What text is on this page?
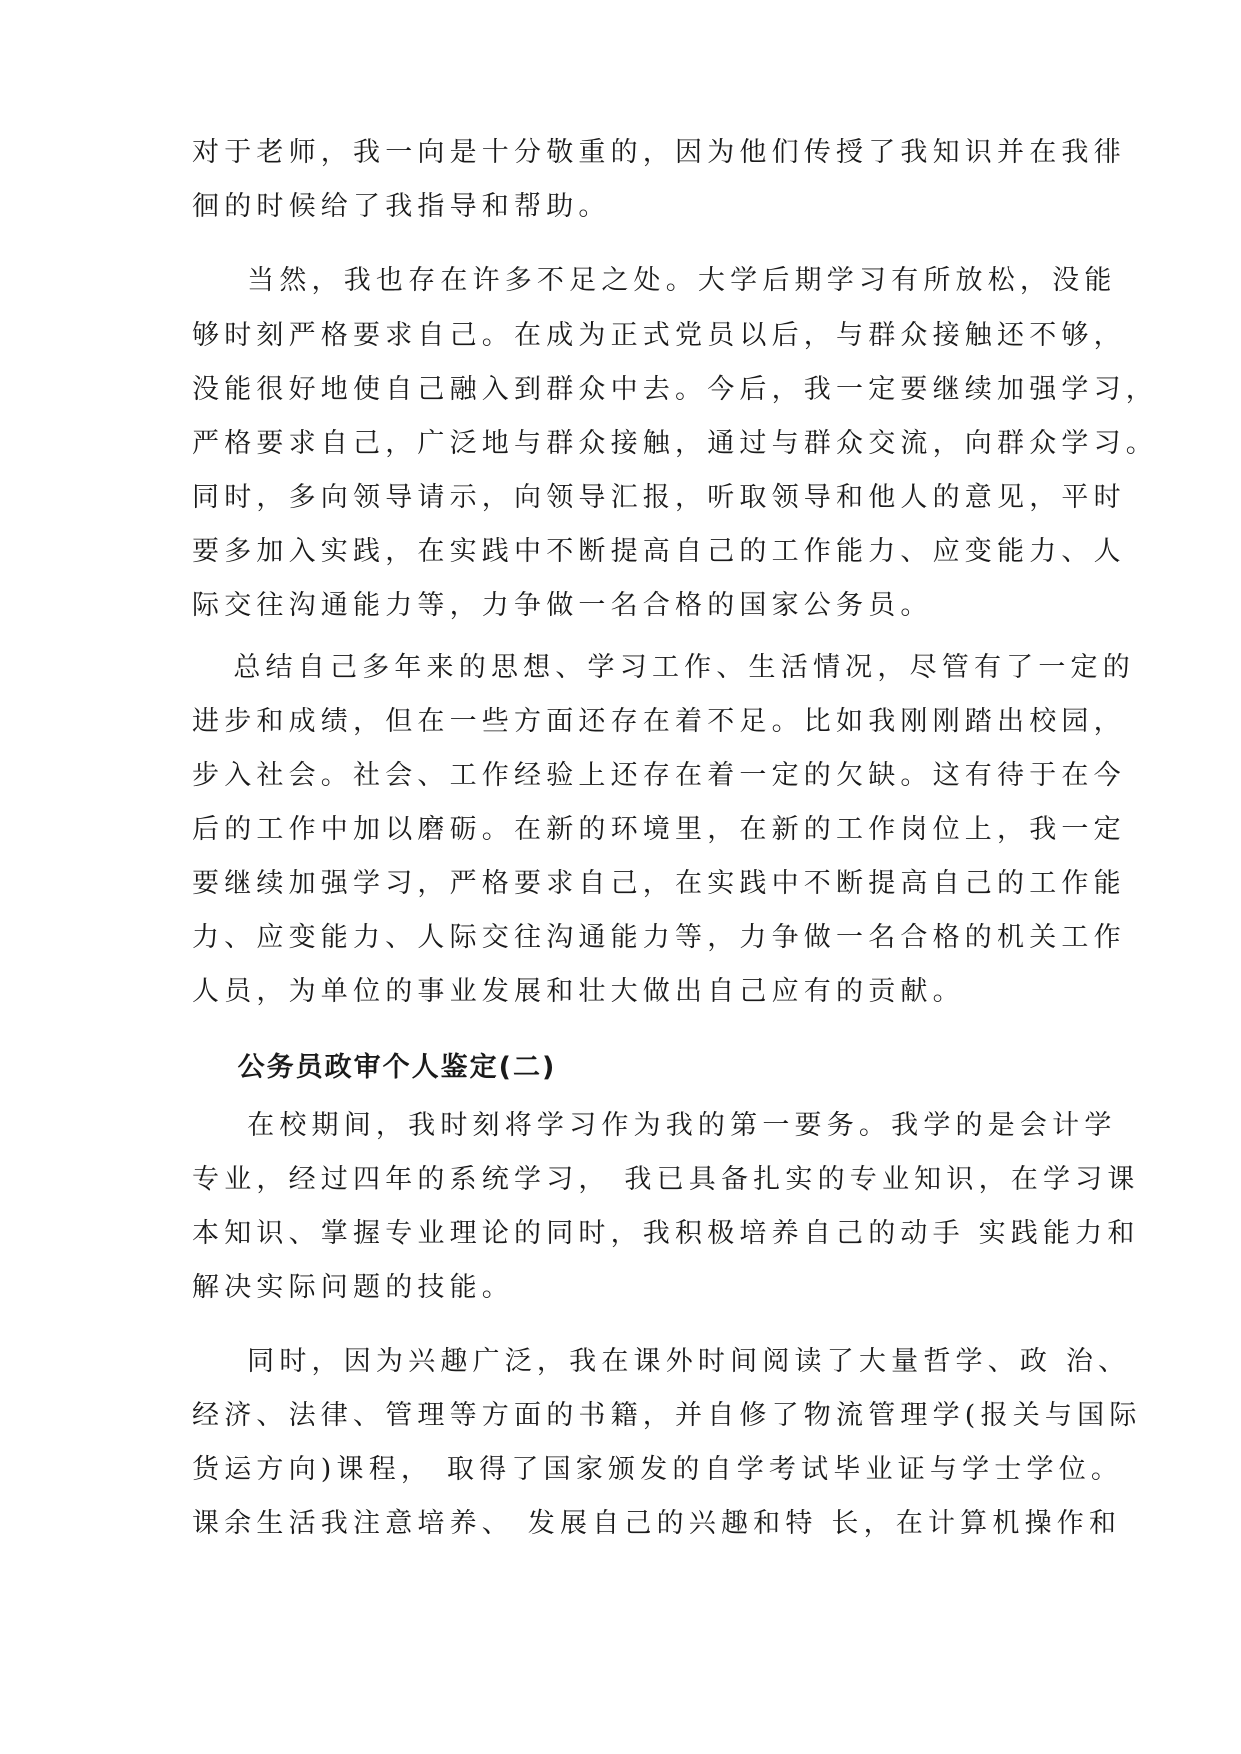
对于老师，我一向是十分敬重的，因为他们传授了我知识并在我徘
徊的时候给了我指导和帮助。
当然，我也存在许多不足之处。大学后期学习有所放松，没能
够时刻严格要求自己。在成为正式党员以后，与群众接触还不够，
没能很好地使自己融入到群众中去。今后，我一定要继续加强学习，
严格要求自己，广泛地与群众接触，通过与群众交流，向群众学习。
同时，多向领导请示，向领导汇报，听取领导和他人的意见，平时
要多加入实践，在实践中不断提高自己的工作能力、应变能力、人
际交往沟通能力等，力争做一名合格的国家公务员。
总结自己多年来的思想、学习工作、生活情况，尽管有了一定的
进步和成绩，但在一些方面还存在着不足。比如我刚刚踏出校园，
步入社会。社会、工作经验上还存在着一定的欠缺。这有待于在今
后的工作中加以磨砺。在新的环境里，在新的工作岗位上，我一定
要继续加强学习，严格要求自己，在实践中不断提高自己的工作能
力、应变能力、人际交往沟通能力等，力争做一名合格的机关工作
人员，为单位的事业发展和壮大做出自己应有的贡献。
公务员政审个人鉴定(二)
在校期间，我时刻将学习作为我的第一要务。我学的是会计学
专业，经过四年的系统学习， 我已具备扎实的专业知识，在学习课
本知识、掌握专业理论的同时，我积极培养自己的动手 实践能力和
解决实际问题的技能。
同时，因为兴趣广泛，我在课外时间阅读了大量哲学、政 治、
经济、法律、管理等方面的书籍，并自修了物流管理学(报关与国际
货运方向)课程， 取得了国家颁发的自学考试毕业证与学士学位。
课余生活我注意培养、 发展自己的兴趣和特 长，在计算机操作和
